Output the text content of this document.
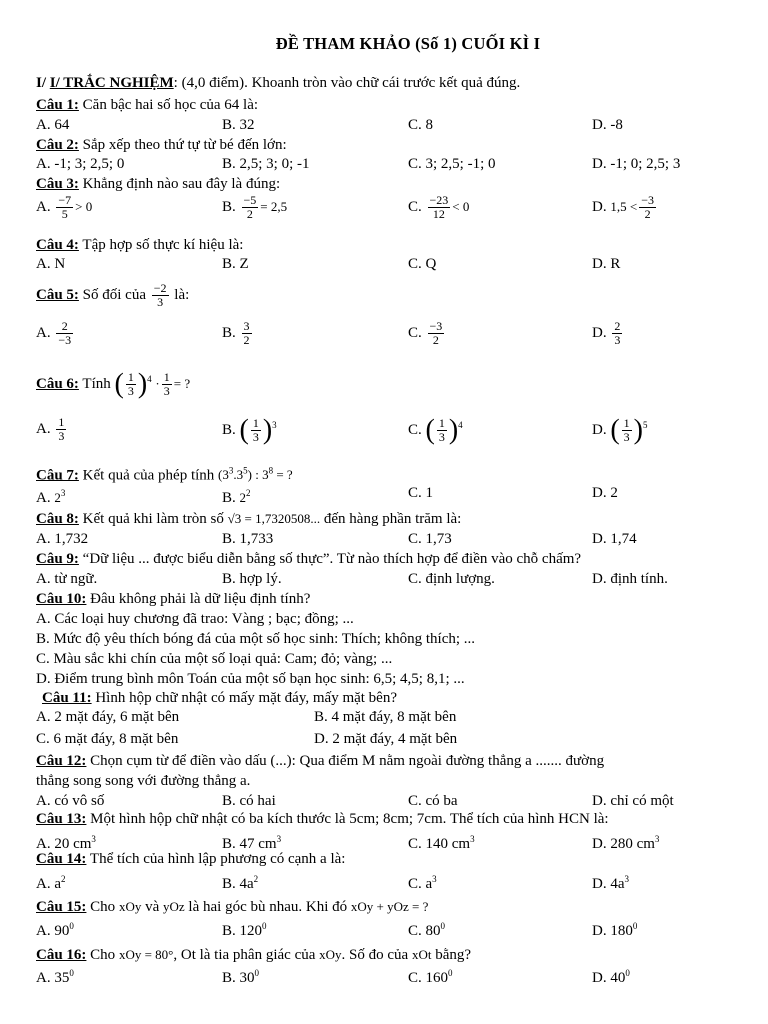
ĐỀ THAM KHẢO (Số 1) CUỐI KÌ I
I/ I/ TRẮC NGHIỆM: (4,0 điểm). Khoanh tròn vào chữ cái trước kết quả đúng.
Câu 1: Căn bậc hai số học của 64 là:
A. 64	B. 32	C. 8	D. -8
Câu 2: Sắp xếp theo thứ tự từ bé đến lớn:
A. -1; 3; 2,5; 0	B. 2,5; 3; 0; -1	C. 3; 2,5; -1; 0	D. -1; 0; 2,5; 3
Câu 3: Khẳng định nào sau đây là đúng:
A. $\frac{-7}{5} > 0$	B. $\frac{-5}{2} = 2,5$	C. $\frac{-23}{12} < 0$	D. $1,5 < \frac{-3}{2}$
Câu 4: Tập hợp số thực kí hiệu là:
A. N	B. Z	C. Q	D. R
Câu 5: Số đối của $\frac{-2}{3}$ là:
A. $\frac{2}{-3}$	B. $\frac{3}{2}$	C. $\frac{-3}{2}$	D. $\frac{2}{3}$
Câu 6: Tính ( $\frac{1}{3} )^4 \cdot \frac{1}{3}$ = ?
A. $\frac{1}{3}$	B. ( $\frac{1}{3} )^3$	C. ( $\frac{1}{3} )^4$	D. ( $\frac{1}{3} )^5$
Câu 7: Kết quả của phép tính $(3^3.3^5)$ : $3^8$ = ?
A. $2^3$	B. $2^2$	C. 1	D. 2
Câu 8: Kết quả khi làm tròn số √3 = 1,7320508... đến hàng phần trăm là:
A. 1,732	B. 1,733	C. 1,73	D. 1,74
Câu 9: “Dữ liệu ... được biểu diễn bằng số thực”. Từ nào thích hợp để điền vào chỗ chấm?
A. từ ngữ.	B. hợp lý.	C. định lượng.	D. định tính.
Câu 10: Đâu không phải là dữ liệu định tính?
A. Các loại huy chương đã trao: Vàng ; bạc; đồng; ...
B. Mức độ yêu thích bóng đá của một số học sinh: Thích; không thích; ...
C. Màu sắc khi chín của một số loại quả: Cam; đỏ; vàng; ...
D. Điểm trung bình môn Toán của một số bạn học sinh: 6,5; 4,5; 8,1; ...
Câu 11: Hình hộp chữ nhật có mấy mặt đáy, mấy mặt bên?
A. 2 mặt đáy, 6 mặt bên	B. 4 mặt đáy, 8 mặt bên
C. 6 mặt đáy, 8 mặt bên	D. 2 mặt đáy, 4 mặt bên
Câu 12: Chọn cụm từ để điền vào dấu (...): Qua điểm M nằm ngoài đường thẳng a ....... đường
thẳng song song với đường thẳng a.
A. có vô số	B. có hai	C. có ba	D. chỉ có một
Câu 13: Một hình hộp chữ nhật có ba kích thước là 5cm; 8cm; 7cm. Thể tích của hình HCN là:
A. 20 $cm^3$	B. 47 $cm^3$	C. 140 $cm^3$	D. 280 $cm^3$
Câu 14: Thể tích của hình lập phương có cạnh a là:
A. $a^2$	B. $4a^2$	C. $a^3$	D. $4a^3$
Câu 15: Cho xOy và yOz là hai góc bù nhau. Khi đó xOy + yOz = ?
A. $90^0$	B. $120^0$	C. $80^0$	D. $180^0$
Câu 16: Cho xOy = 80°, Ot là tia phân giác của xOy. Số đo của xOt bằng?
A. $35^0$	B. $30^0$	C. $160^0$	D. $40^0$
